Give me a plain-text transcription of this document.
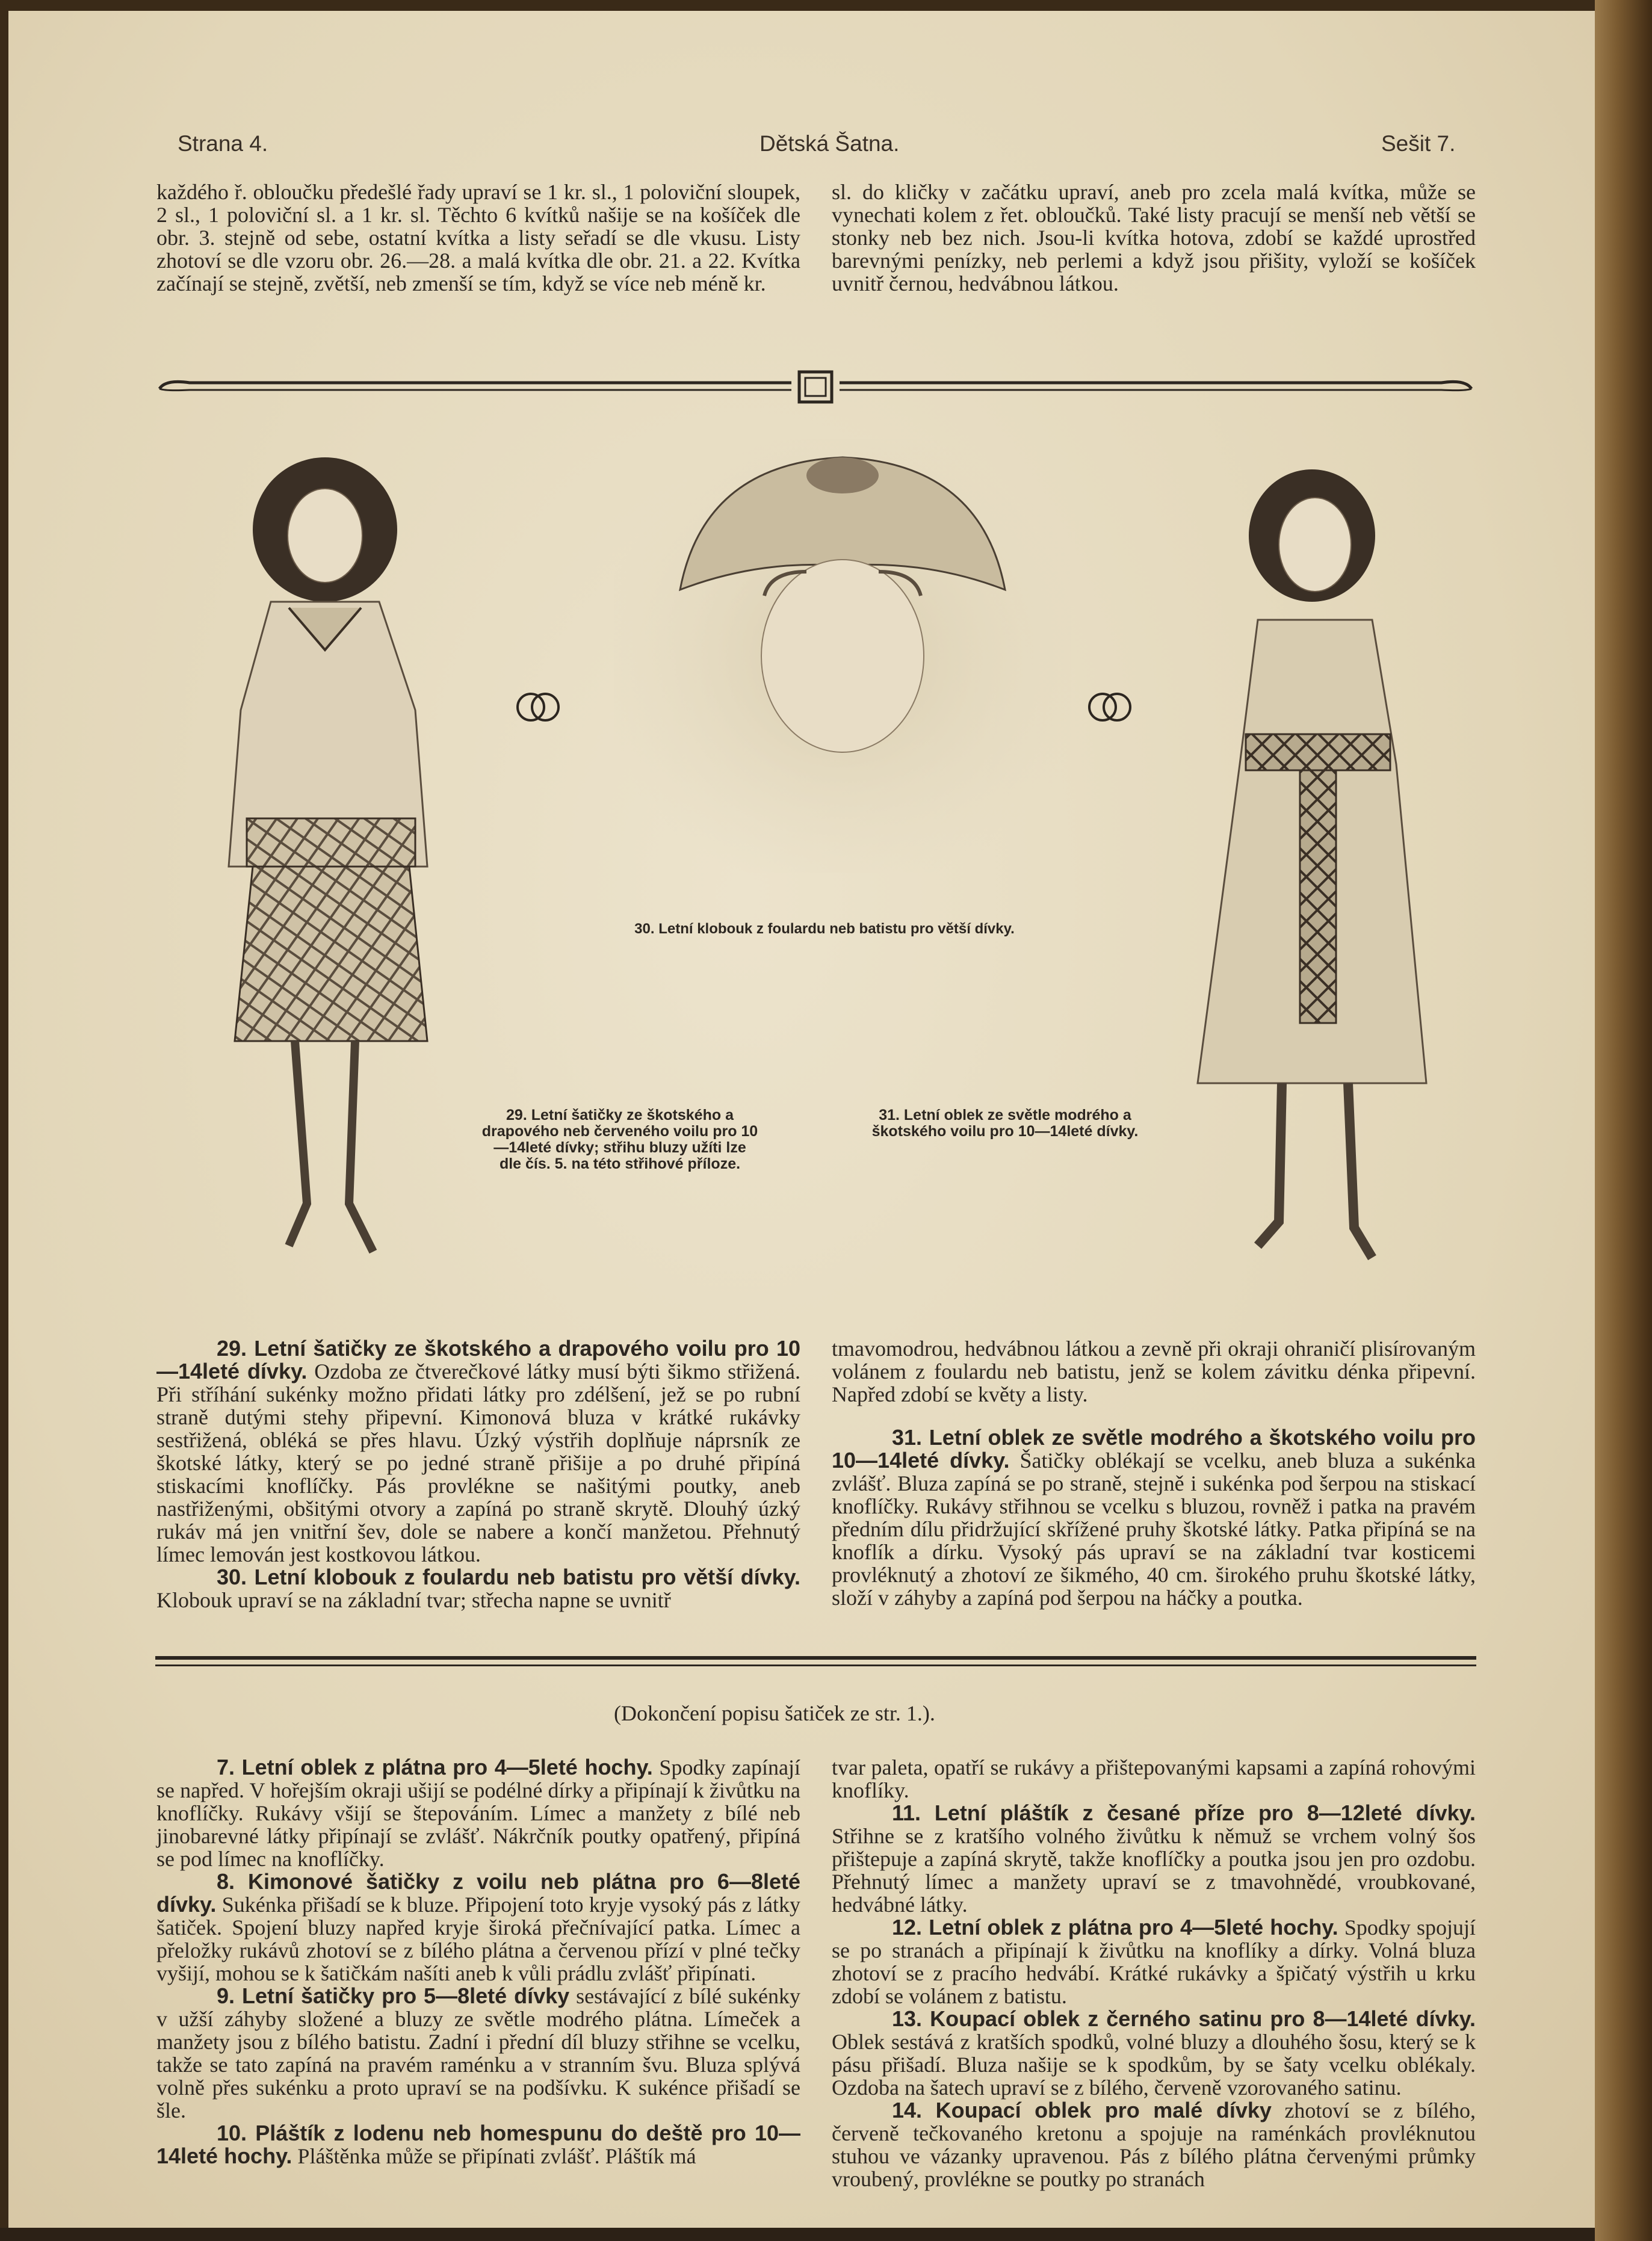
Strana 4.	Dětská Šatna.	Sešit 7.

každého ř. obloučku předešlé řady upraví se 1 kr. sl., 1 poloviční sloupek, 2 sl., 1 poloviční sl. a 1 kr. sl. Těchto 6 kvítků našije se na košíček dle obr. 3. stejně od sebe, ostatní kvítka a listy seřadí se dle vkusu. Listy zhotoví se dle vzoru obr. 26.—28. a malá kvítka dle obr. 21. a 22. Kvítka začínají se stejně, zvětší, neb zmenší se tím, když se více neb méně kr.

sl. do kličky v začátku upraví, aneb pro zcela malá kvítka, může se vynechati kolem z řet. obloučků. Také listy pracují se menší neb větší se stonky neb bez nich. Jsou-li kvítka hotova, zdobí se každé uprostřed barevnými penízky, neb perlemi a když jsou přišity, vyloží se košíček uvnitř černou, hedvábnou látkou.

30. Letní klobouk z foulardu neb batistu pro větší dívky.
29. Letní šatičky ze škotského a drapového neb červeného voilu pro 10—14leté dívky; střihu bluzy užíti lze dle čís. 5. na této střihové příloze.
31. Letní oblek ze světle modrého a škotského voilu pro 10—14leté dívky.

29. Letní šatičky ze škotského a drapového voilu pro 10—14leté dívky. Ozdoba ze čtverečkové látky musí býti šikmo střižená. Při stříhání sukénky možno přidati látky pro zdélšení, jež se po rubní straně dutými stehy připevní. Kimonová bluza v krátké rukávky sestřižená, obléká se přes hlavu. Úzký výstřih doplňuje náprsník ze škotské látky, který se po jedné straně přišije a po druhé připíná stiskacími knoflíčky. Pás provlékne se našitými poutky, aneb nastřiženými, obšitými otvory a zapíná po straně skrytě. Dlouhý úzký rukáv má jen vnitřní šev, dole se nabere a končí manžetou. Přehnutý límec lemován jest kostkovou látkou.

30. Letní klobouk z foulardu neb batistu pro větší dívky. Klobouk upraví se na základní tvar; střecha napne se uvnitř

tmavomodrou, hedvábnou látkou a zevně při okraji ohraničí plisírovaným volánem z foulardu neb batistu, jenž se kolem závitku dénka připevní. Napřed zdobí se květy a listy.

31. Letní oblek ze světle modrého a škotského voilu pro 10—14leté dívky. Šatičky oblékají se vcelku, aneb bluza a sukénka zvlášť. Bluza zapíná se po straně, stejně i sukénka pod šerpou na stiskací knoflíčky. Rukávy střihnou se vcelku s bluzou, rovněž i patka na pravém předním dílu přidržující skřížené pruhy škotské látky. Patka připíná se na knoflík a dírku. Vysoký pás upraví se na základní tvar kosticemi provléknutý a zhotoví ze šikmého, 40 cm. širokého pruhu škotské látky, složí v záhyby a zapíná pod šerpou na háčky a poutka.

(Dokončení popisu šatiček ze str. 1.).

7. Letní oblek z plátna pro 4—5leté hochy. Spodky zapínají se napřed. V hořejším okraji ušijí se podélné dírky a připínají k živůtku na knoflíčky. Rukávy všijí se štepováním. Límec a manžety z bílé neb jinobarevné látky připínají se zvlášť. Nákrčník poutky opatřený, připíná se pod límec na knoflíčky.

8. Kimonové šatičky z voilu neb plátna pro 6—8leté dívky. Sukénka přišadí se k bluze. Připojení toto kryje vysoký pás z látky šatiček. Spojení bluzy napřed kryje široká přečnívající patka. Límec a přeložky rukávů zhotoví se z bílého plátna a červenou přízí v plné tečky vyšijí, mohou se k šatičkám našíti aneb k vůli prádlu zvlášť připínati.

9. Letní šatičky pro 5—8leté dívky sestávající z bílé sukénky v užší záhyby složené a bluzy ze světle modrého plátna. Límeček a manžety jsou z bílého batistu. Zadní i přední díl bluzy střihne se vcelku, takže se tato zapíná na pravém raménku a v stranním švu. Bluza splývá volně přes sukénku a proto upraví se na podšívku. K sukénce přišadí se šle.

10. Pláštík z lodenu neb homespunu do deště pro 10—14leté hochy. Pláštěnka může se připínati zvlášť. Pláštík má

tvar paleta, opatří se rukávy a přištepovanými kapsami a zapíná rohovými knoflíky.

11. Letní pláštík z česané příze pro 8—12leté dívky. Střihne se z kratšího volného živůtku k němuž se vrchem volný šos přištepuje a zapíná skrytě, takže knoflíčky a poutka jsou jen pro ozdobu. Přehnutý límec a manžety upraví se z tmavohnědé, vroubkované, hedvábné látky.

12. Letní oblek z plátna pro 4—5leté hochy. Spodky spojují se po stranách a připínají k živůtku na knoflíky a dírky. Volná bluza zhotoví se z pracího hedvábí. Krátké rukávky a špičatý výstřih u krku zdobí se volánem z batistu.

13. Koupací oblek z černého satinu pro 8—14leté dívky. Oblek sestává z kratších spodků, volné bluzy a dlouhého šosu, který se k pásu přišadí. Bluza našije se k spodkům, by se šaty vcelku oblékaly. Ozdoba na šatech upraví se z bílého, červeně vzorovaného satinu.

14. Koupací oblek pro malé dívky zhotoví se z bílého, červeně tečkovaného kretonu a spojuje na raménkách provléknutou stuhou ve vázanky upravenou. Pás z bílého plátna červenými průmky vroubený, provlékne se poutky po stranách
